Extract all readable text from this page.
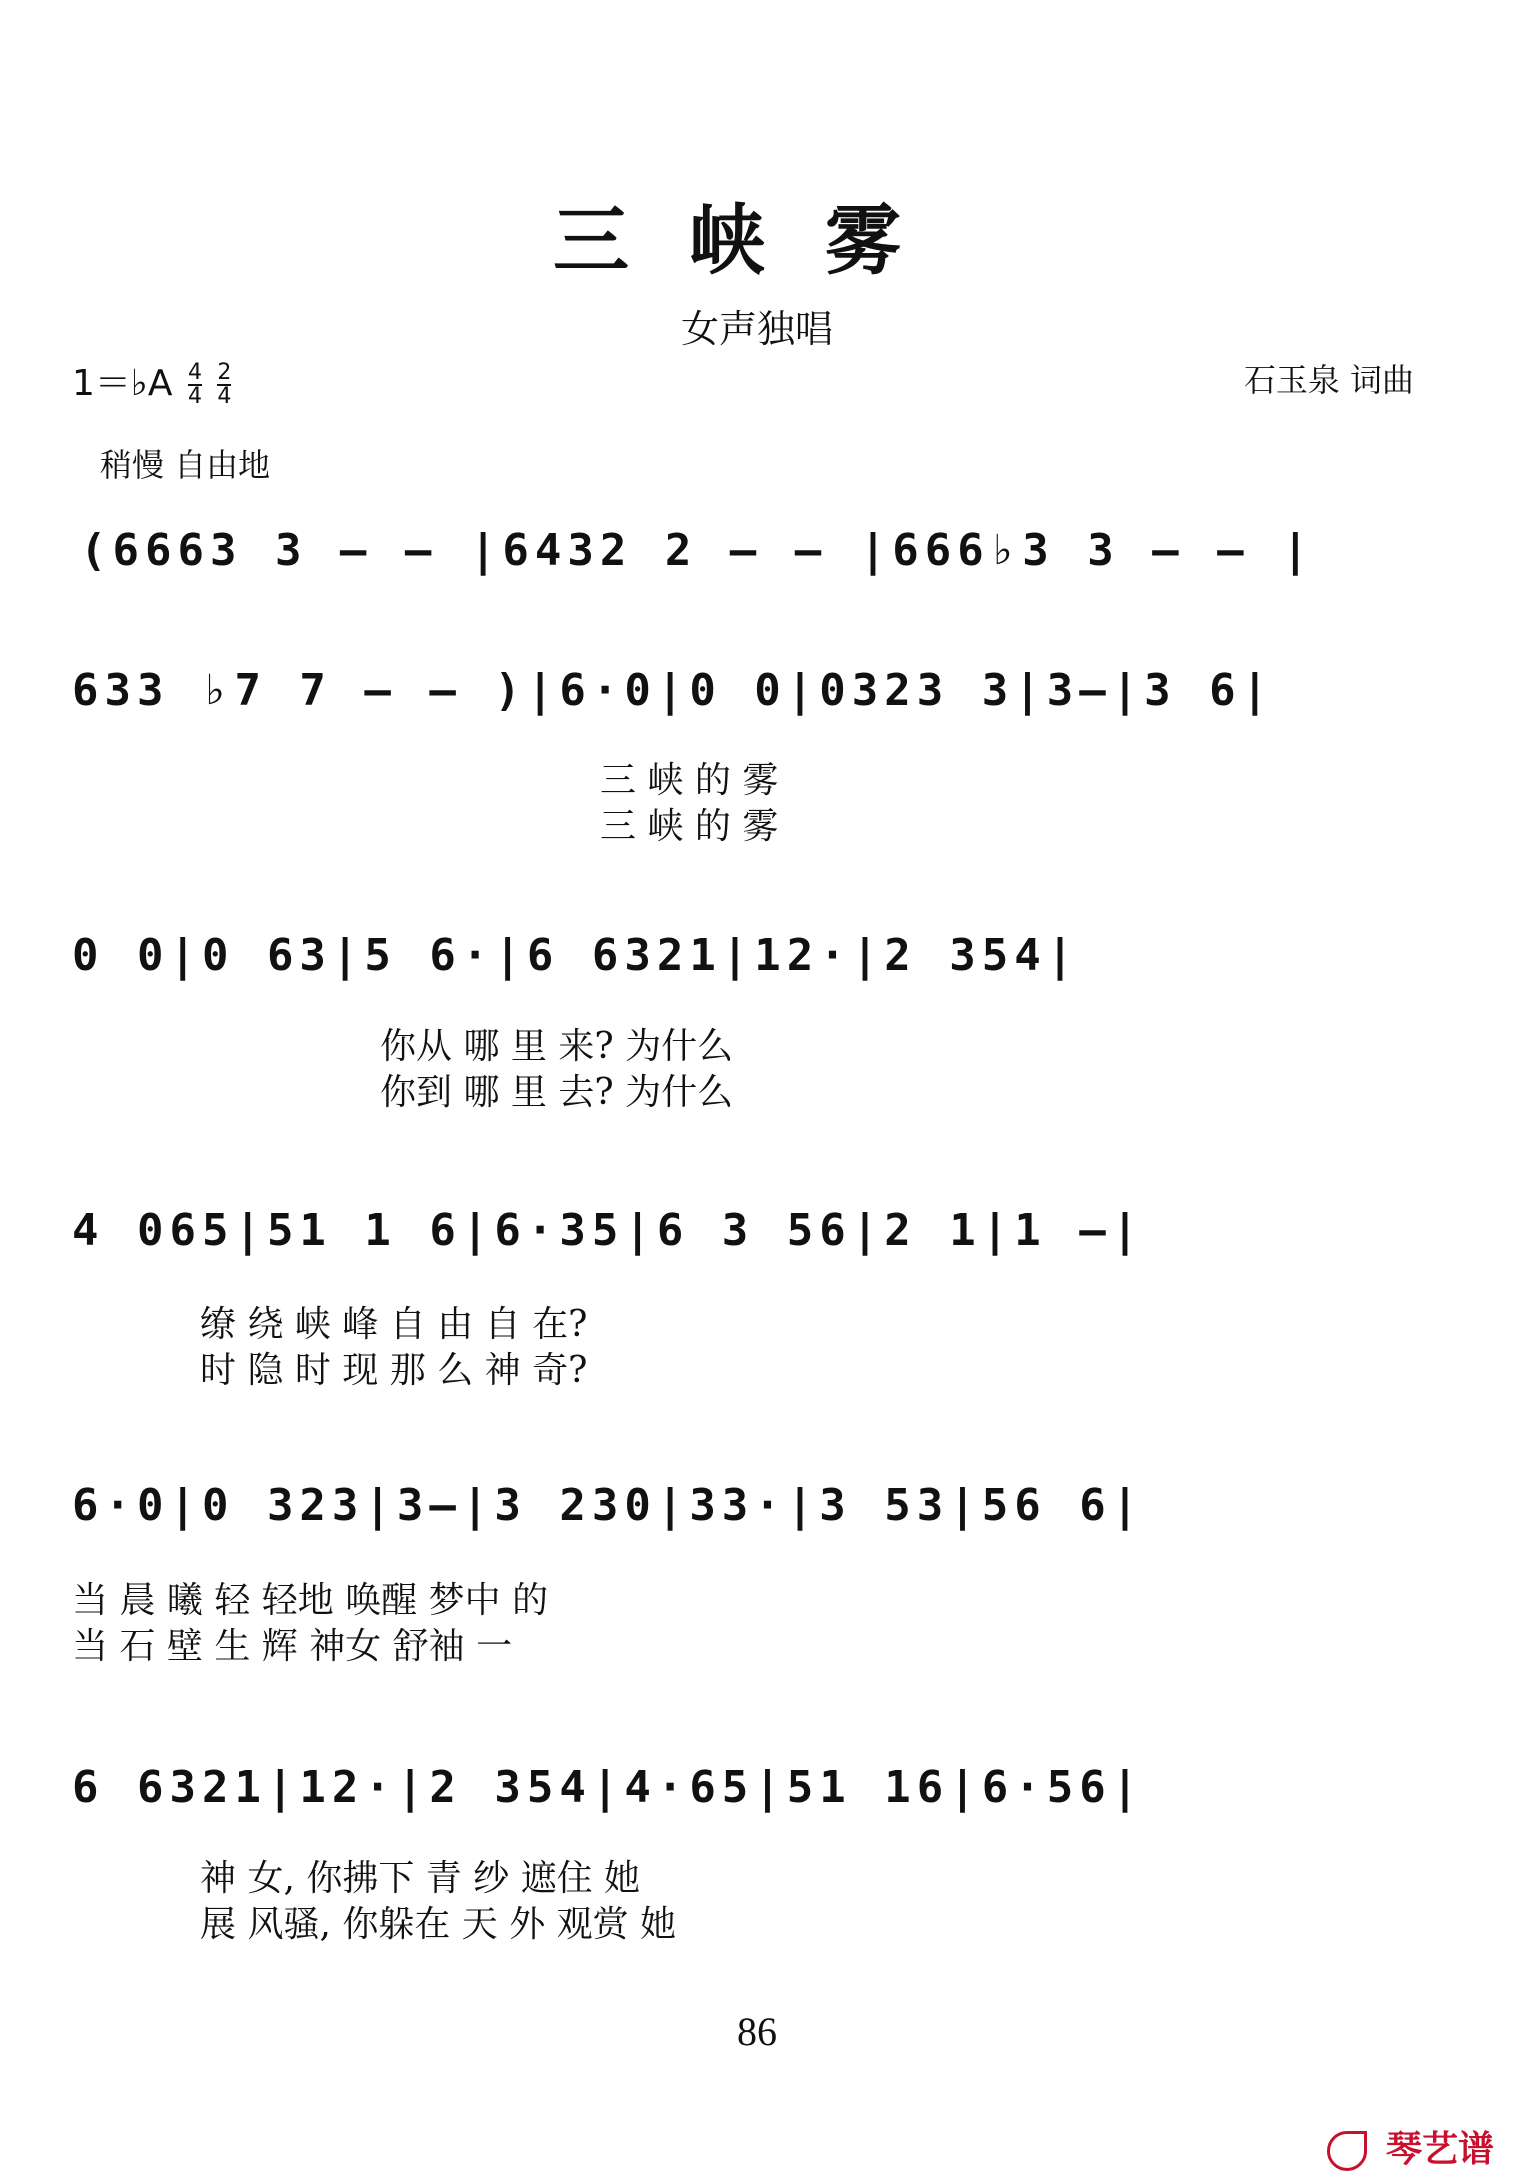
三峡雾
女声独唱
1＝♭A $\frac{4}{4}$
$\frac{2}{4}$	石玉泉 词曲
稍慢 自由地
(6663 3 — — |6432 2 — — |666♭3 3 — — |
633 ♭7 7 — — )|6·0|0 0|0323 3|3—|3 6|
三 峡 的 雾
三 峡 的 雾
0 0|0 63|5 6·|6 6321|12·|2 354|
你从 哪 里 来? 为什么
你到 哪 里 去? 为什么
4 065|51 1 6|6·35|6 3 56|2 1|1 —|
缭 绕 峡 峰 自 由 自 在?
时 隐 时 现 那 么 神 奇?
6·0|0 323|3—|3 230|33·|3 53|56 6|
当 晨 曦 轻 轻地 唤醒 梦中 的
当 石 壁 生 辉 神女 舒袖 一
6 6321|12·|2 354|4·65|51 16|6·56|
神 女, 你拂下 青 纱 遮住 她
展 风骚, 你躲在 天 外 观赏 她
86
琴艺谱
